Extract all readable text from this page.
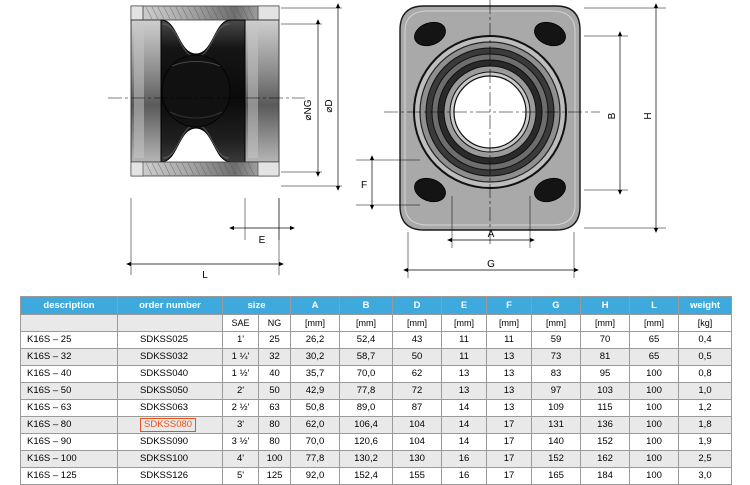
⌀NG ⌀D
E
L
B	H
F
A
G
description	order number	size		A	B	D	E	F	G	H	L	weight
		SAE	NG	[mm]	[mm]	[mm]	[mm]	[mm]	[mm]	[mm]	[mm]	[kg]
K16S – 25	SDKSS025	1'	25	26,2	52,4	43	11	11	59	70	65	0,4
K16S – 32	SDKSS032	1 ¼'	32	30,2	58,7	50	11	13	73	81	65	0,5
K16S – 40	SDKSS040	1 ½'	40	35,7	70,0	62	13	13	83	95	100	0,8
K16S – 50	SDKSS050	2'	50	42,9	77,8	72	13	13	97	103	100	1,0
K16S – 63	SDKSS063	2 ½'	63	50,8	89,0	87	14	13	109	115	100	1,2
K16S – 80	SDKSS080	3'	80	62,0	106,4	104	14	17	131	136	100	1,8
K16S – 90	SDKSS090	3 ½'	80	70,0	120,6	104	14	17	140	152	100	1,9
K16S – 100	SDKSS100	4'	100	77,8	130,2	130	16	17	152	162	100	2,5
K16S – 125	SDKSS126	5'	125	92,0	152,4	155	16	17	165	184	100	3,0
